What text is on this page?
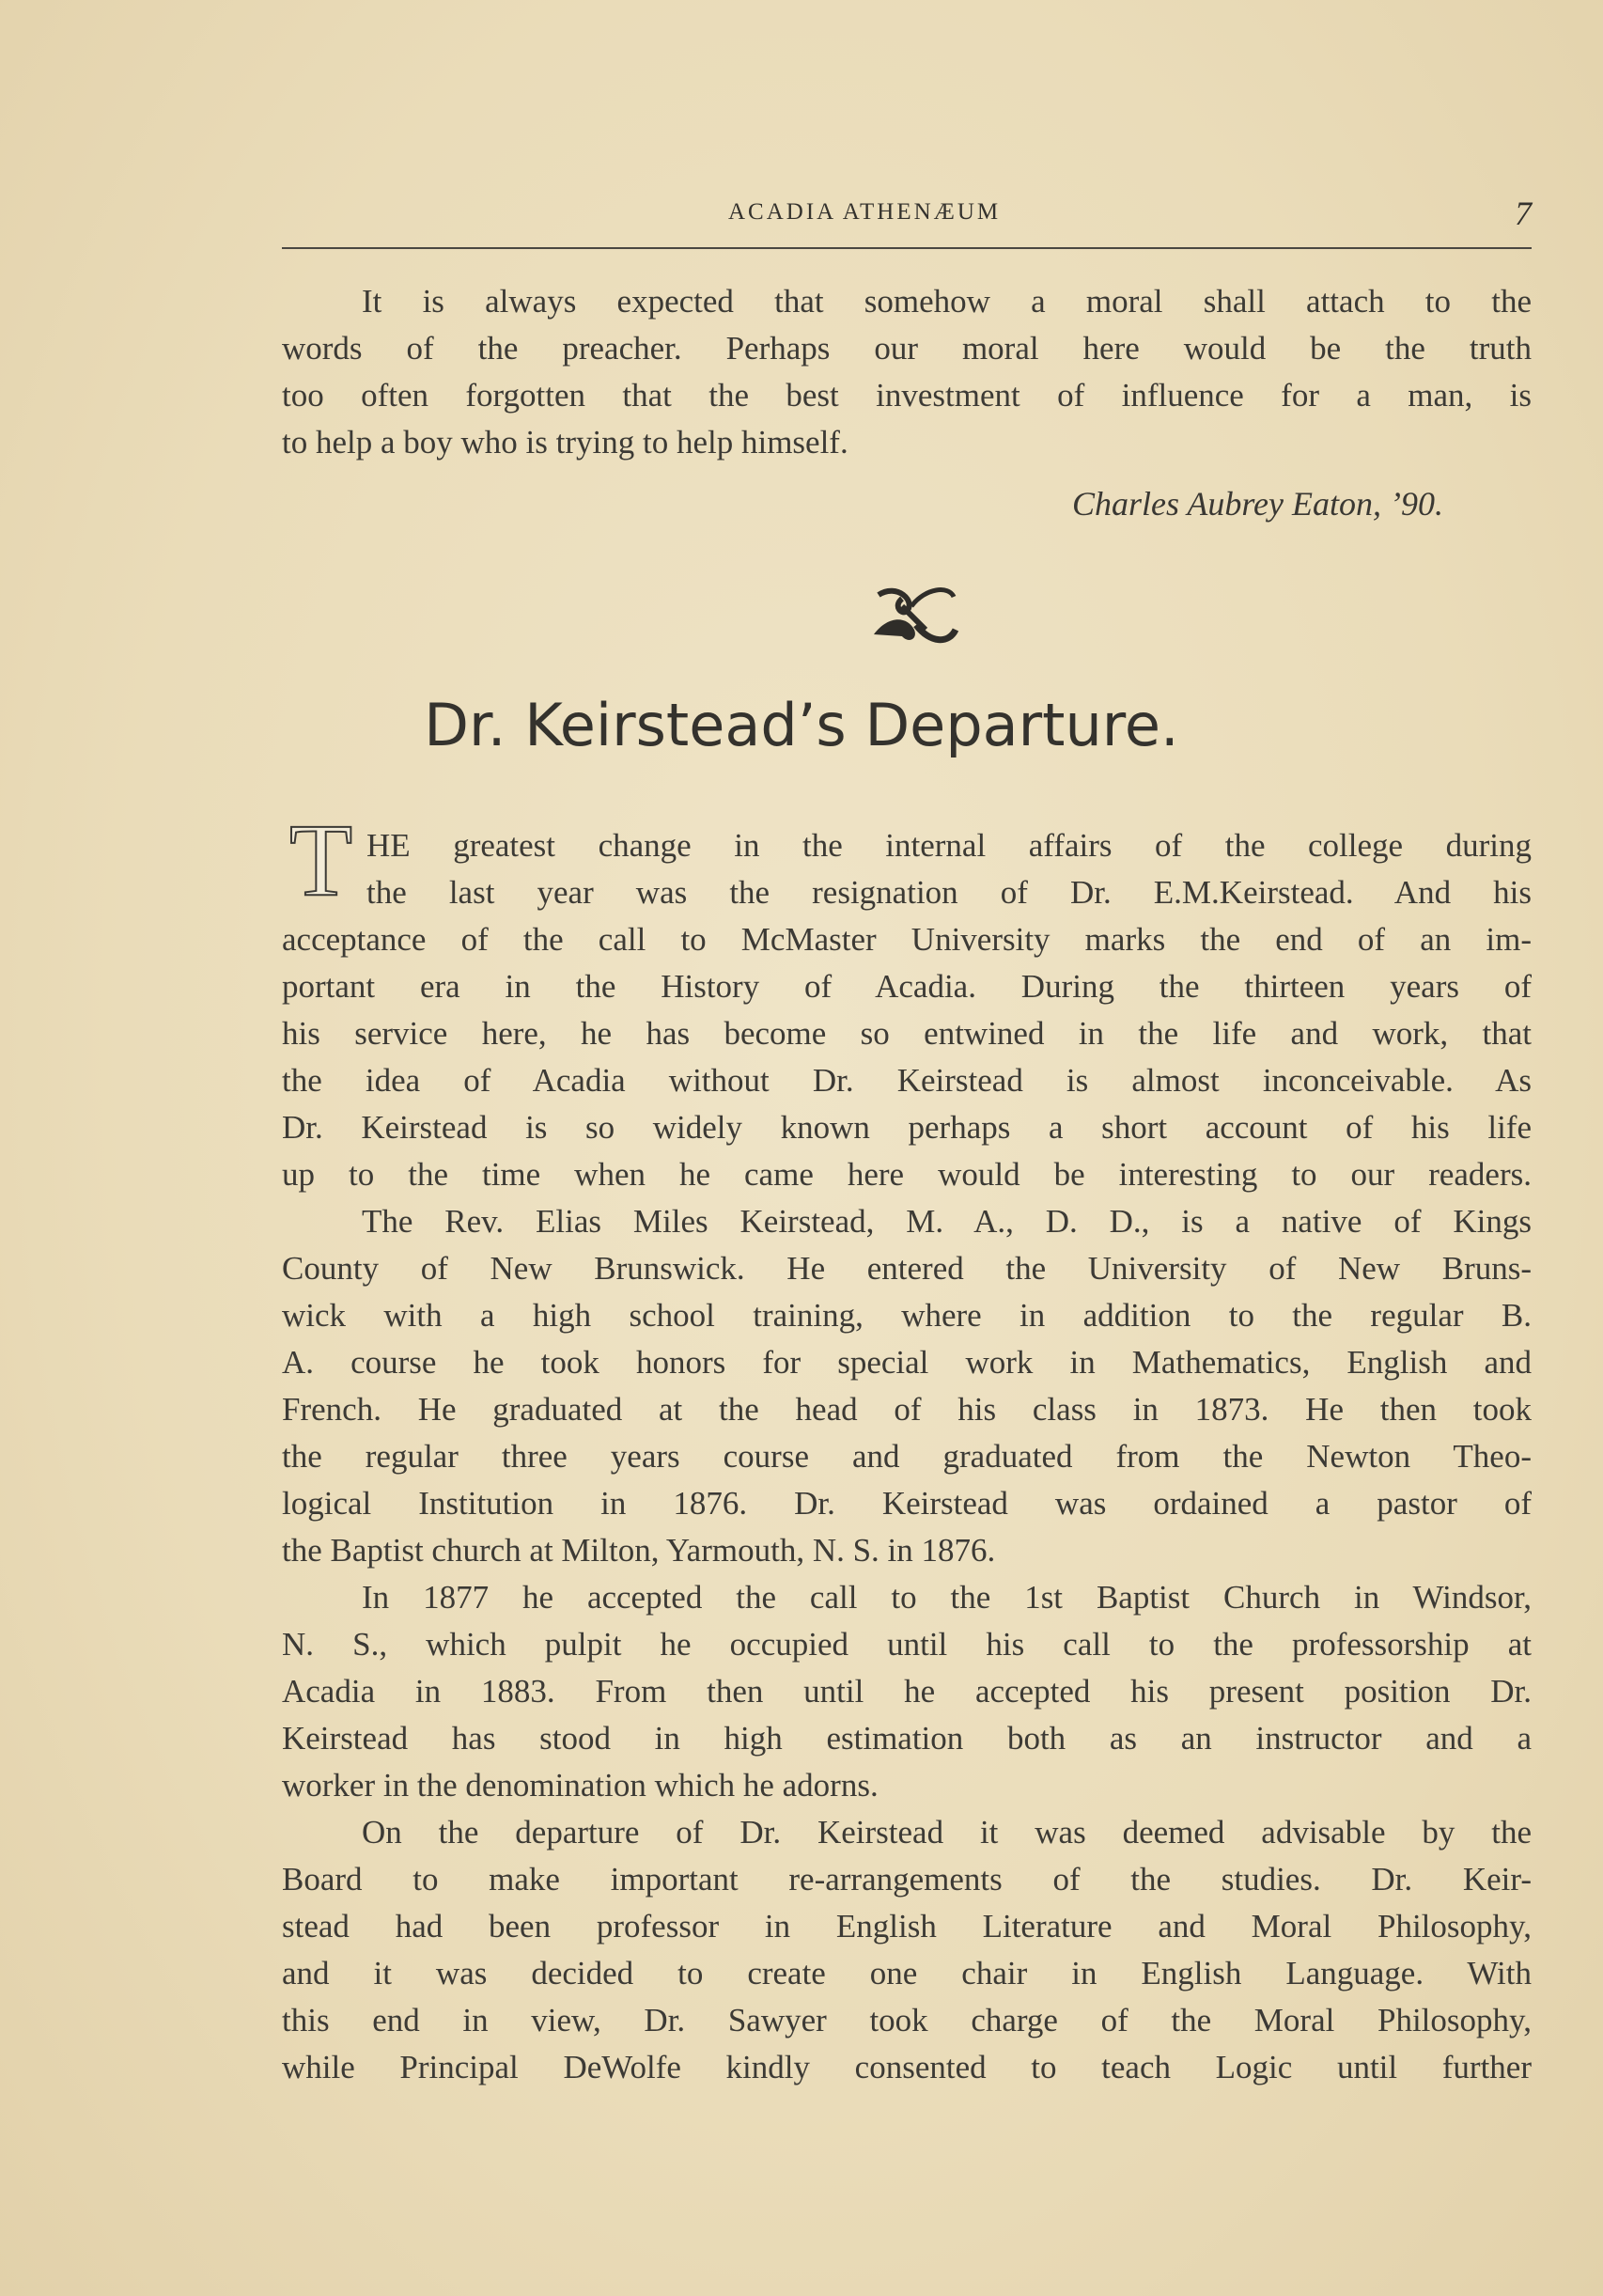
ACADIA ATHENÆUM	7
It is always expected that somehow a moral shall attach to the
words of the preacher. Perhaps our moral here would be the truth
too often forgotten that the best investment of influence for a man, is
to help a boy who is trying to help himself.
Charles Aubrey Eaton, ’90.
Dr. Keirstead’s Departure.
T HE greatest change in the internal affairs of the college during
the last year was the resignation of Dr. E.M.Keirstead. And his
acceptance of the call to McMaster University marks the end of an im-
portant era in the History of Acadia. During the thirteen years of
his service here, he has become so entwined in the life and work, that
the idea of Acadia without Dr. Keirstead is almost inconceivable. As
Dr. Keirstead is so widely known perhaps a short account of his life
up to the time when he came here would be interesting to our readers.
The Rev. Elias Miles Keirstead, M. A., D. D., is a native of Kings
County of New Brunswick. He entered the University of New Bruns-
wick with a high school training, where in addition to the regular B.
A. course he took honors for special work in Mathematics, English and
French. He graduated at the head of his class in 1873. He then took
the regular three years course and graduated from the Newton Theo-
logical Institution in 1876. Dr. Keirstead was ordained a pastor of
the Baptist church at Milton, Yarmouth, N. S. in 1876.
In 1877 he accepted the call to the 1st Baptist Church in Windsor,
N. S., which pulpit he occupied until his call to the professorship at
Acadia in 1883. From then until he accepted his present position Dr.
Keirstead has stood in high estimation both as an instructor and a
worker in the denomination which he adorns.
On the departure of Dr. Keirstead it was deemed advisable by the
Board to make important re-arrangements of the studies. Dr. Keir-
stead had been professor in English Literature and Moral Philosophy,
and it was decided to create one chair in English Language. With
this end in view, Dr. Sawyer took charge of the Moral Philosophy,
while Principal DeWolfe kindly consented to teach Logic until further
